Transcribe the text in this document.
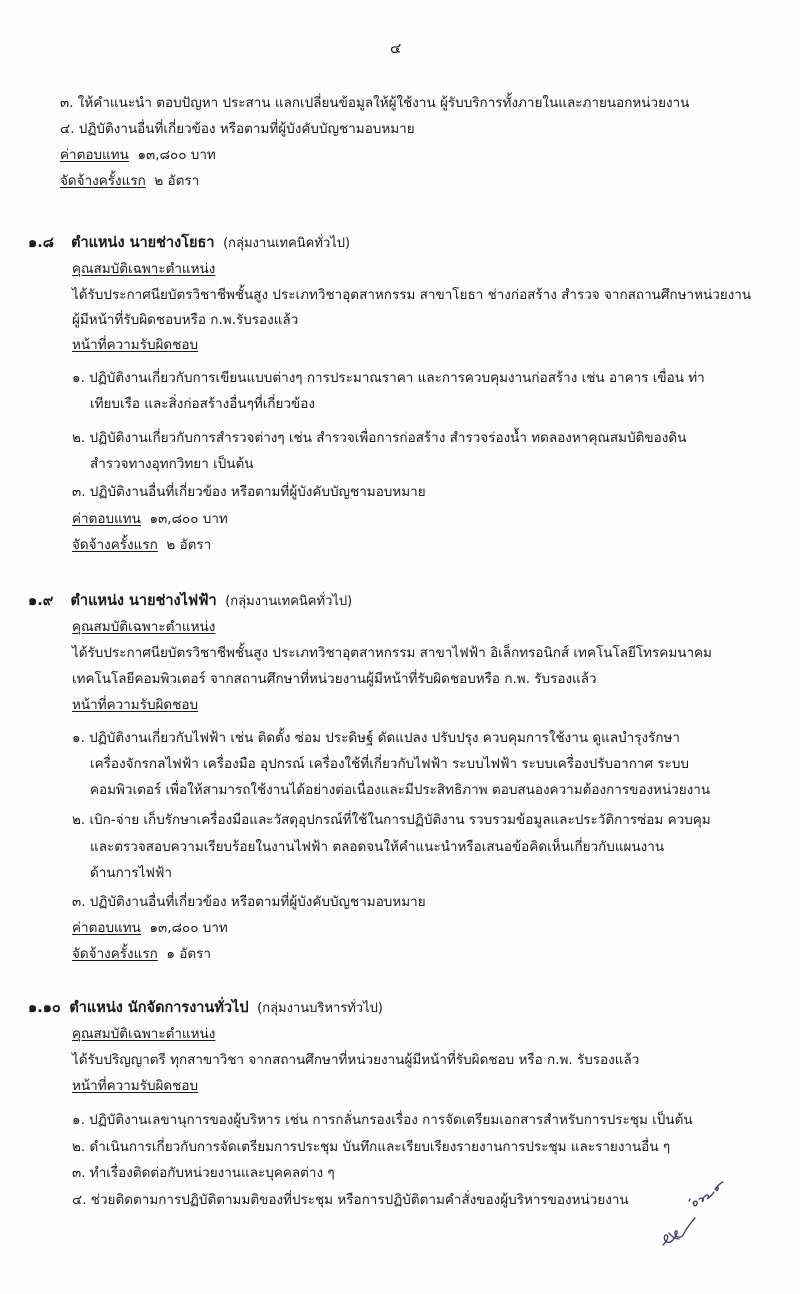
๔
๓. ให้คำแนะนำ ตอบปัญหา ประสาน แลกเปลี่ยนข้อมูลให้ผู้ใช้งาน ผู้รับบริการทั้งภายในและภายนอกหน่วยงาน
๔. ปฏิบัติงานอื่นที่เกี่ยวข้อง หรือตามที่ผู้บังคับบัญชามอบหมาย
ค่าตอบแทน ๑๓,๘๐๐ บาท
จัดจ้างครั้งแรก ๒ อัตรา
๑.๘ ตำแหน่ง นายช่างโยธา (กลุ่มงานเทคนิคทั่วไป)
คุณสมบัติเฉพาะตำแหน่ง
ได้รับประกาศนียบัตรวิชาชีพชั้นสูง ประเภทวิชาอุตสาหกรรม สาขาโยธา ช่างก่อสร้าง สำรวจ จากสถานศึกษาหน่วยงาน
ผู้มีหน้าที่รับผิดชอบหรือ ก.พ.รับรองแล้ว
หน้าที่ความรับผิดชอบ
๑. ปฏิบัติงานเกี่ยวกับการเขียนแบบต่างๆ การประมาณราคา และการควบคุมงานก่อสร้าง เช่น อาคาร เขื่อน ท่า
เทียบเรือ และสิ่งก่อสร้างอื่นๆที่เกี่ยวข้อง
๒. ปฏิบัติงานเกี่ยวกับการสำรวจต่างๆ เช่น สำรวจเพื่อการก่อสร้าง สำรวจร่องน้ำ ทดลองหาคุณสมบัติของดิน
สำรวจทางอุทกวิทยา เป็นต้น
๓. ปฏิบัติงานอื่นที่เกี่ยวข้อง หรือตามที่ผู้บังคับบัญชามอบหมาย
ค่าตอบแทน ๑๓,๘๐๐ บาท
จัดจ้างครั้งแรก ๒ อัตรา
๑.๙ ตำแหน่ง นายช่างไฟฟ้า (กลุ่มงานเทคนิคทั่วไป)
คุณสมบัติเฉพาะตำแหน่ง
ได้รับประกาศนียบัตรวิชาชีพชั้นสูง ประเภทวิชาอุตสาหกรรม สาขาไฟฟ้า อิเล็กทรอนิกส์ เทคโนโลยีโทรคมนาคม
เทคโนโลยีคอมพิวเตอร์ จากสถานศึกษาที่หน่วยงานผู้มีหน้าที่รับผิดชอบหรือ ก.พ. รับรองแล้ว
หน้าที่ความรับผิดชอบ
๑. ปฏิบัติงานเกี่ยวกับไฟฟ้า เช่น ติดตั้ง ซ่อม ประดิษฐ์ ดัดแปลง ปรับปรุง ควบคุมการใช้งาน ดูแลบำรุงรักษา
เครื่องจักรกลไฟฟ้า เครื่องมือ อุปกรณ์ เครื่องใช้ที่เกี่ยวกับไฟฟ้า ระบบไฟฟ้า ระบบเครื่องปรับอากาศ ระบบ
คอมพิวเตอร์ เพื่อให้สามารถใช้งานได้อย่างต่อเนื่องและมีประสิทธิภาพ ตอบสนองความต้องการของหน่วยงาน
๒. เบิก-จ่าย เก็บรักษาเครื่องมือและวัสดุอุปกรณ์ที่ใช้ในการปฏิบัติงาน รวบรวมข้อมูลและประวัติการซ่อม ควบคุม
และตรวจสอบความเรียบร้อยในงานไฟฟ้า ตลอดจนให้คำแนะนำหรือเสนอข้อคิดเห็นเกี่ยวกับแผนงาน
ด้านการไฟฟ้า
๓. ปฏิบัติงานอื่นที่เกี่ยวข้อง หรือตามที่ผู้บังคับบัญชามอบหมาย
ค่าตอบแทน ๑๓,๘๐๐ บาท
จัดจ้างครั้งแรก ๑ อัตรา
๑.๑๐ ตำแหน่ง นักจัดการงานทั่วไป (กลุ่มงานบริหารทั่วไป)
คุณสมบัติเฉพาะตำแหน่ง
ได้รับปริญญาตรี ทุกสาขาวิชา จากสถานศึกษาที่หน่วยงานผู้มีหน้าที่รับผิดชอบ หรือ ก.พ. รับรองแล้ว
หน้าที่ความรับผิดชอบ
๑. ปฏิบัติงานเลขานุการของผู้บริหาร เช่น การกลั่นกรองเรื่อง การจัดเตรียมเอกสารสำหรับการประชุม เป็นต้น
๒. ดำเนินการเกี่ยวกับการจัดเตรียมการประชุม บันทึกและเรียบเรียงรายงานการประชุม และรายงานอื่น ๆ
๓. ทำเรื่องติดต่อกับหน่วยงานและบุคคลต่าง ๆ
๔. ช่วยติดตามการปฏิบัติตามมติของที่ประชุม หรือการปฏิบัติตามคำสั่งของผู้บริหารของหน่วยงาน
